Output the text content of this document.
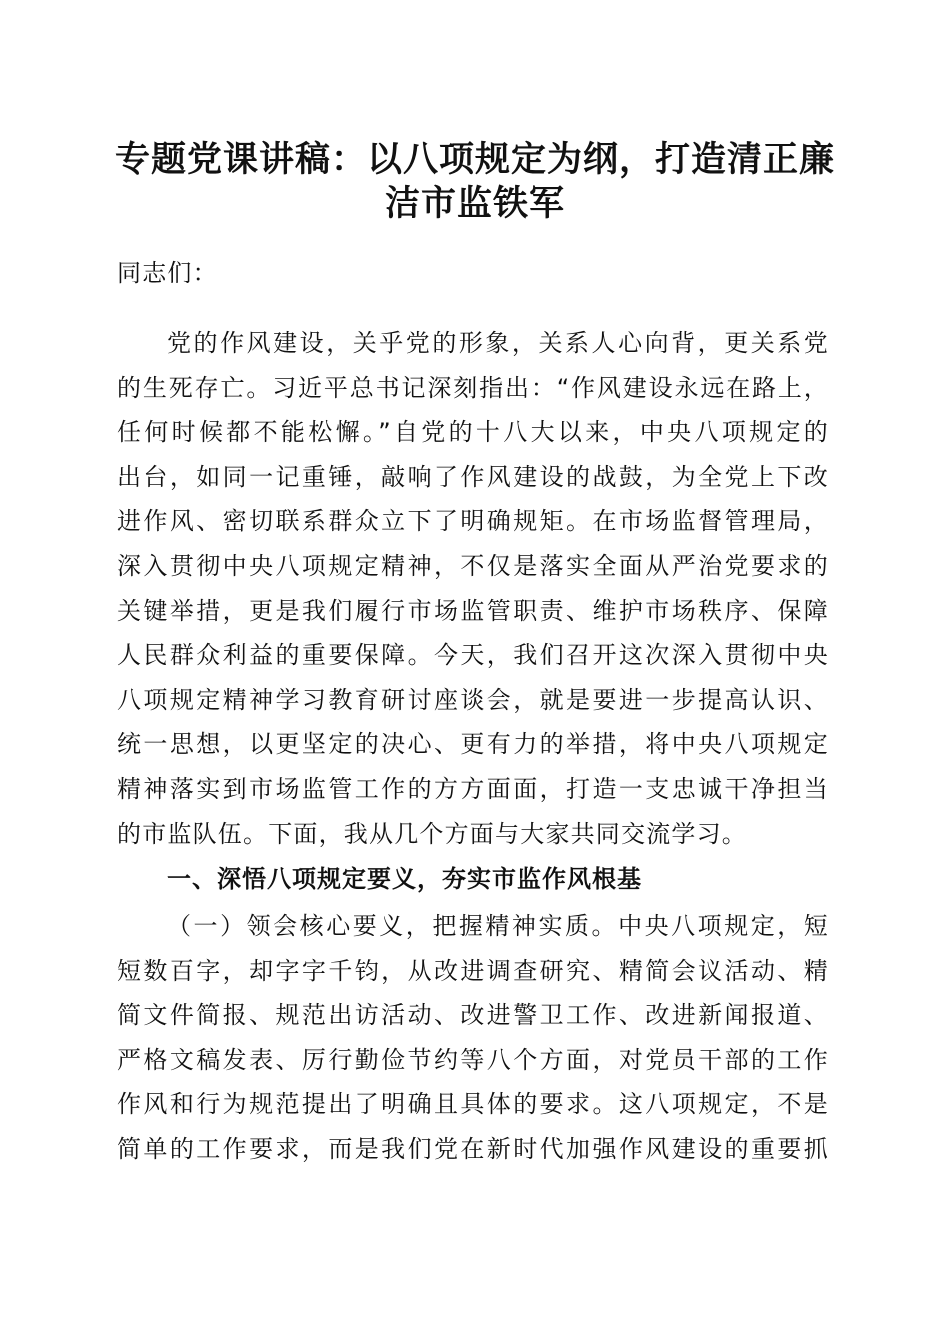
专题党课讲稿：以八项规定为纲，打造清正廉
洁市监铁军

同志们：

党的作风建设，关乎党的形象，关系人心向背，更关系党
的生死存亡。习近平总书记深刻指出：“作风建设永远在路上，
任何时候都不能松懈。”自党的十八大以来，中央八项规定的
出台，如同一记重锤，敲响了作风建设的战鼓，为全党上下改
进作风、密切联系群众立下了明确规矩。在市场监督管理局，
深入贯彻中央八项规定精神，不仅是落实全面从严治党要求的
关键举措，更是我们履行市场监管职责、维护市场秩序、保障
人民群众利益的重要保障。今天，我们召开这次深入贯彻中央
八项规定精神学习教育研讨座谈会，就是要进一步提高认识、
统一思想，以更坚定的决心、更有力的举措，将中央八项规定
精神落实到市场监管工作的方方面面，打造一支忠诚干净担当
的市监队伍。下面，我从几个方面与大家共同交流学习。
一、深悟八项规定要义，夯实市监作风根基
（一）领会核心要义，把握精神实质。中央八项规定，短
短数百字，却字字千钧，从改进调查研究、精简会议活动、精
简文件简报、规范出访活动、改进警卫工作、改进新闻报道、
严格文稿发表、厉行勤俭节约等八个方面，对党员干部的工作
作风和行为规范提出了明确且具体的要求。这八项规定，不是
简单的工作要求，而是我们党在新时代加强作风建设的重要抓
